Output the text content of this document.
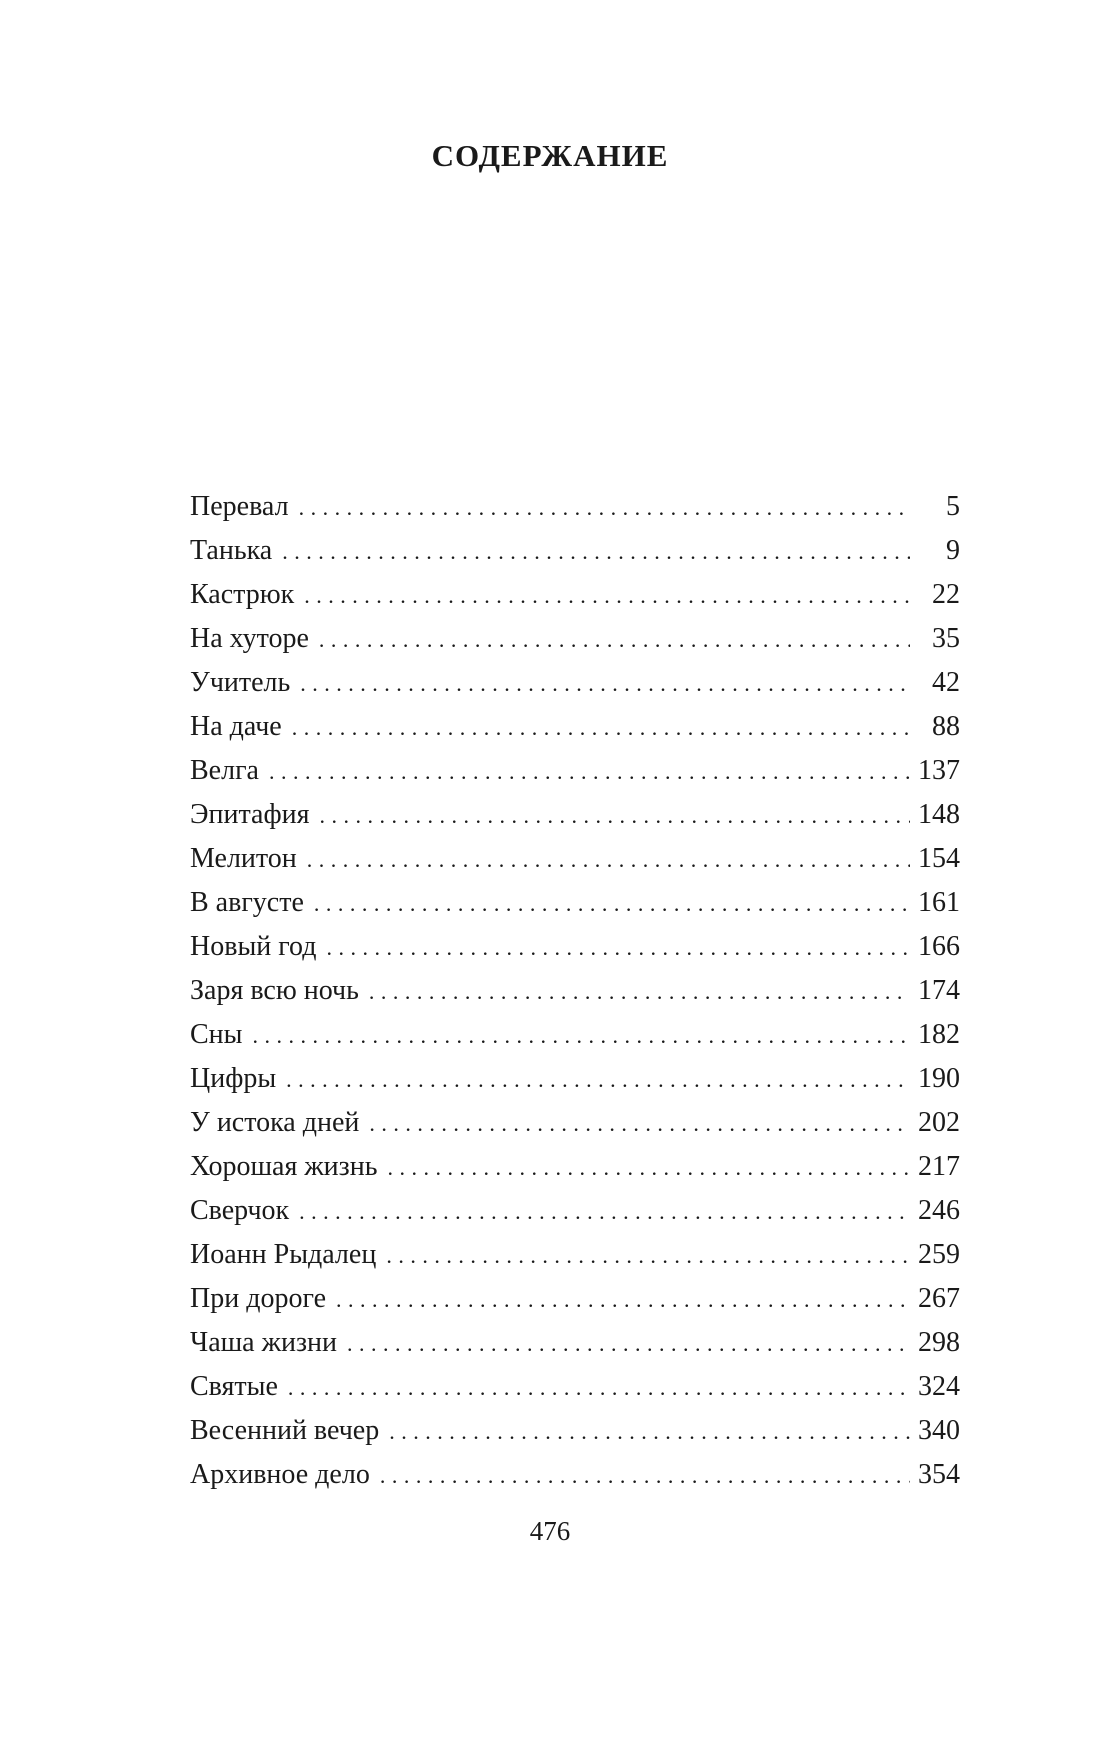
СОДЕРЖАНИЕ
Перевал . . .	5
Танька . . .	9
Кастрюк . . .	22
На хуторе . . .	35
Учитель . . .	42
На даче . . .	88
Велга . . .	137
Эпитафия . . .	148
Мелитон . . .	154
В августе . . .	161
Новый год . . .	166
Заря всю ночь . . .	174
Сны . . .	182
Цифры . . .	190
У истока дней . . .	202
Хорошая жизнь . . .	217
Сверчок . . .	246
Иоанн Рыдалец . . .	259
При дороге . . .	267
Чаша жизни . . .	298
Святые . . .	324
Весенний вечер . . .	340
Архивное дело . . .	354
476
